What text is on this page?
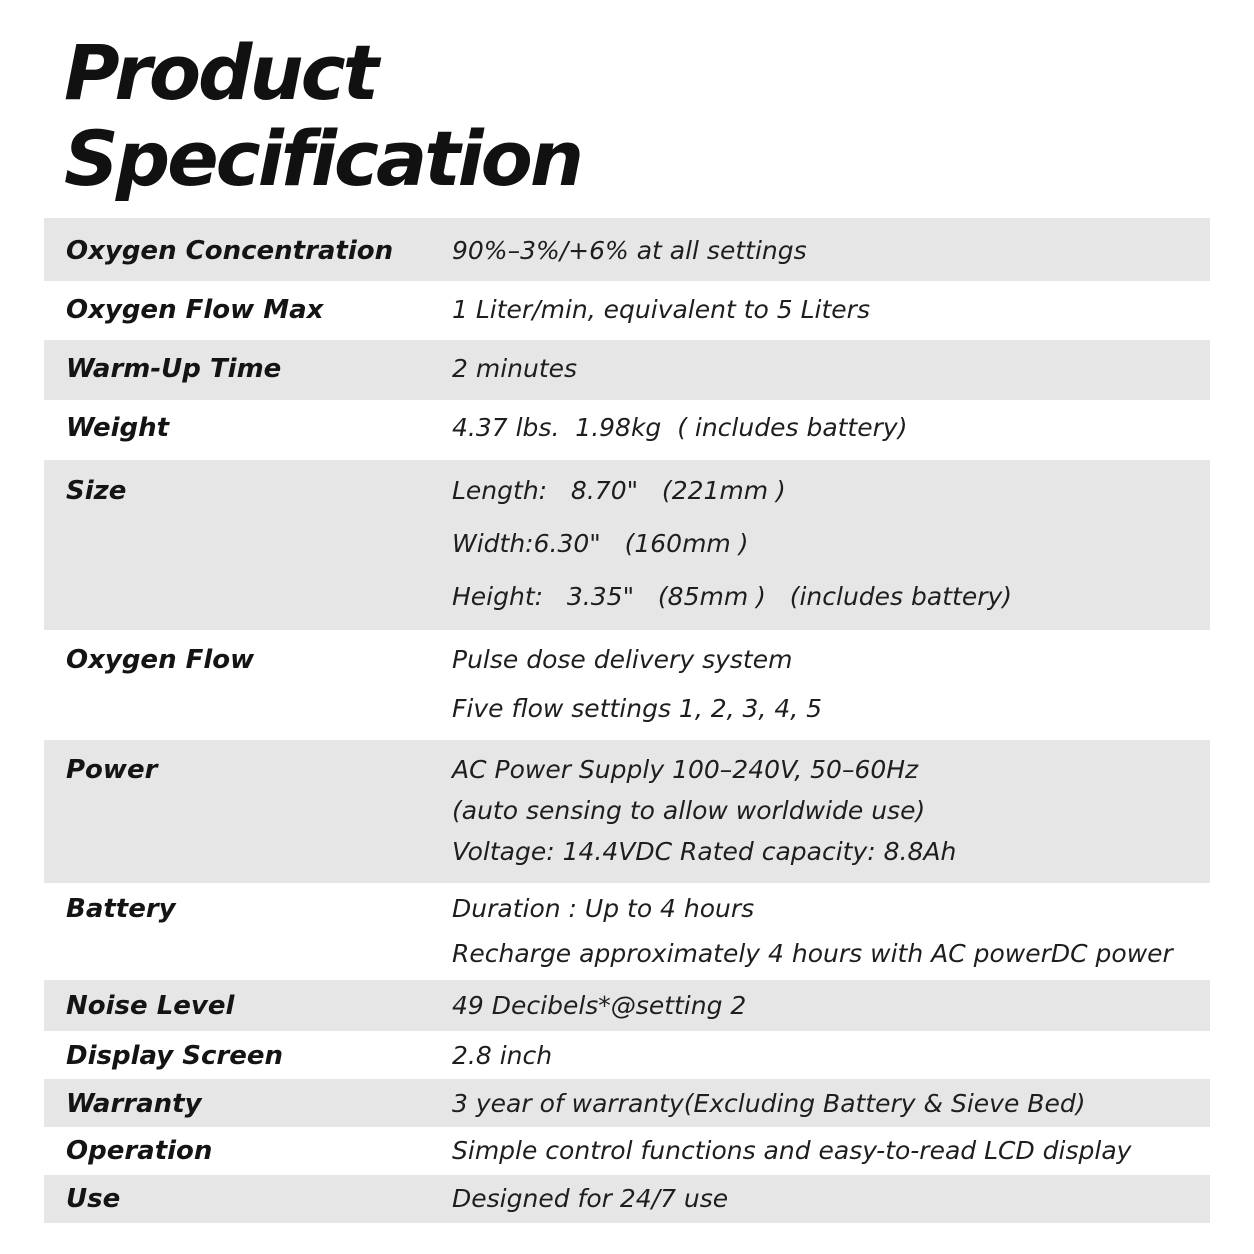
Product
Specification
Oxygen Concentration	90%–3%/+6% at all settings
Oxygen Flow Max	1 Liter/min, equivalent to 5 Liters
Warm-Up Time	2 minutes
Weight	4.37 lbs.  1.98kg  ( includes battery)
Size	Length:   8.70"   (221mm )
Width:6.30"   (160mm )
Height:   3.35"   (85mm )   (includes battery)
Oxygen Flow	Pulse dose delivery system
Five flow settings 1, 2, 3, 4, 5
Power	AC Power Supply 100–240V, 50–60Hz
(auto sensing to allow worldwide use)
Voltage: 14.4VDC Rated capacity: 8.8Ah
Battery	Duration : Up to 4 hours
Recharge approximately 4 hours with AC powerDC power
Noise Level	49 Decibels*@setting 2
Display Screen	2.8 inch
Warranty	3 year of warranty(Excluding Battery & Sieve Bed)
Operation	Simple control functions and easy-to-read LCD display
Use	Designed for 24/7 use
